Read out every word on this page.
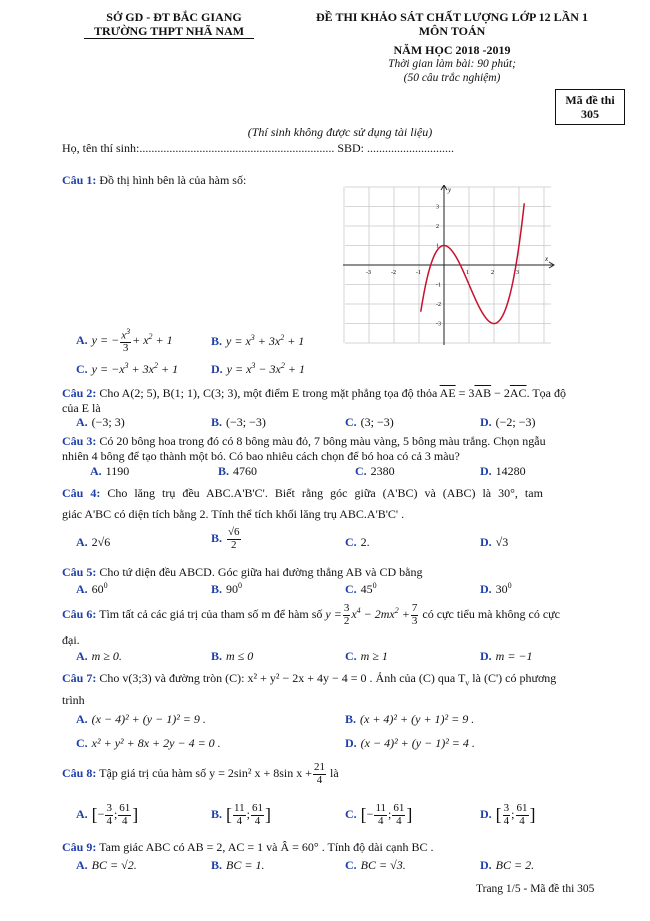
SỞ GD - ĐT BẮC GIANG
TRƯỜNG THPT NHÃ NAM
ĐỀ THI KHẢO SÁT CHẤT LƯỢNG LỚP 12 LẦN 1
MÔN TOÁN
NĂM HỌC 2018 -2019
Thời gian làm bài: 90 phút;
(50 câu trắc nghiệm)
Mã đề thi
305
(Thí sinh không được sử dụng tài liệu)
Họ, tên thí sinh:................................................................. SBD: .............................
Câu 1: Đồ thị hình bên là của hàm số:
x
y
-3	-2	-1	1	2	3
-3
-2
-1
1
2
3
A. y = − $\frac{x^3}{3} + x^2 + 1$	B. $y = x^3 + 3x^2 + 1$
C. $y = -x^3 + 3x^2 + 1$	D. $y = x^3 - 3x^2 + 1$
Câu 2: Cho A(2; 5), B(1; 1), C(3; 3), một điểm E trong mặt phẳng tọa độ thỏa $\overline{AE} = 3\overline{AB} - 2\overline{AC}$. Tọa độ
của E là
A. (−3; 3)	B. (−3; −3)	C. (3; −3)	D. (−2; −3)
Câu 3: Có 20 bông hoa trong đó có 8 bông màu đỏ, 7 bông màu vàng, 5 bông màu trắng. Chọn ngẫu
nhiên 4 bông để tạo thành một bó. Có bao nhiêu cách chọn để bó hoa có cả 3 màu?
A. 1190	B. 4760	C. 2380	D. 14280
Câu 4: Cho lăng trụ đều ABC.A'B'C'. Biết rằng góc giữa (A'BC) và (ABC) là 30°, tam
giác A'BC có diện tích bằng 2. Tính thể tích khối lăng trụ ABC.A'B'C' .
A. 2√6	B. $\frac{√6}{2}$	C. 2.	D. √3
Câu 5: Cho tứ diện đều ABCD. Góc giữa hai đường thẳng AB và CD bằng
A. $60^0$	B. $90^0$	C. $45^0$	D. $30^0$
Câu 6: Tìm tất cả các giá trị của tham số m để hàm số $y = \frac{3}{2} x^4 - 2mx^2 + \frac{7}{3}$ có cực tiểu mà không có cực
đại.
A. m ≥ 0.	B. m ≤ 0	C. m ≥ 1	D. m = −1
Câu 7: Cho v(3;3) và đường tròn (C): x² + y² − 2x + 4y − 4 = 0 . Ảnh của (C) qua $T_v$ là (C') có phương
trình
A. (x − 4)² + (y − 1)² = 9 .	B. (x + 4)² + (y + 1)² = 9 .
C. x² + y² + 8x + 2y − 4 = 0 .	D. (x − 4)² + (y − 1)² = 4 .
Câu 8: Tập giá trị của hàm số y = 2sin² x + 8sin $x + \frac{21}{4}$ là
A. [− $\frac{3}{4}$ ; $\frac{61}{4}$ ]	B. [ $\frac{11}{4}$ ; $\frac{61}{4}$ ]	C. [− $\frac{11}{4}$ ; $\frac{61}{4}$ ]	D. [ $\frac{3}{4}$ ; $\frac{61}{4}$ ]
Câu 9: Tam giác ABC có AB = 2, AC = 1 và Â = 60° . Tính độ dài cạnh BC .
A. BC = √2.	B. BC = 1.	C. BC = √3.	D. BC = 2.
Trang 1/5 - Mã đề thi 305
